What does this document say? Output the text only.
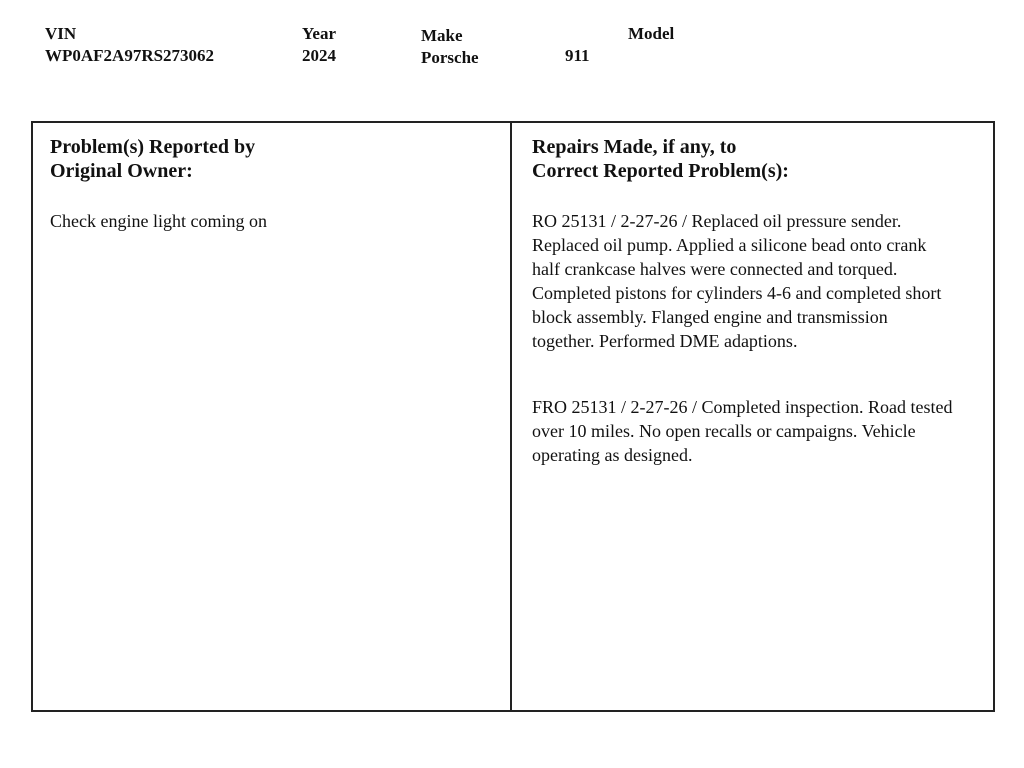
VIN
WP0AF2A97RS273062
Year
2024
Make
Porsche
Model
911
Problem(s) Reported by
Original Owner:

Check engine light coming on

Repairs Made, if any, to
Correct Reported Problem(s):

RO 25131 / 2-27-26 / Replaced oil pressure sender. Replaced oil pump. Applied a silicone bead onto crank half crankcase halves were connected and torqued. Completed pistons for cylinders 4-6 and completed short block assembly. Flanged engine and transmission together. Performed DME adaptions.

FRO 25131 / 2-27-26 / Completed inspection. Road tested over 10 miles. No open recalls or campaigns. Vehicle operating as designed.
